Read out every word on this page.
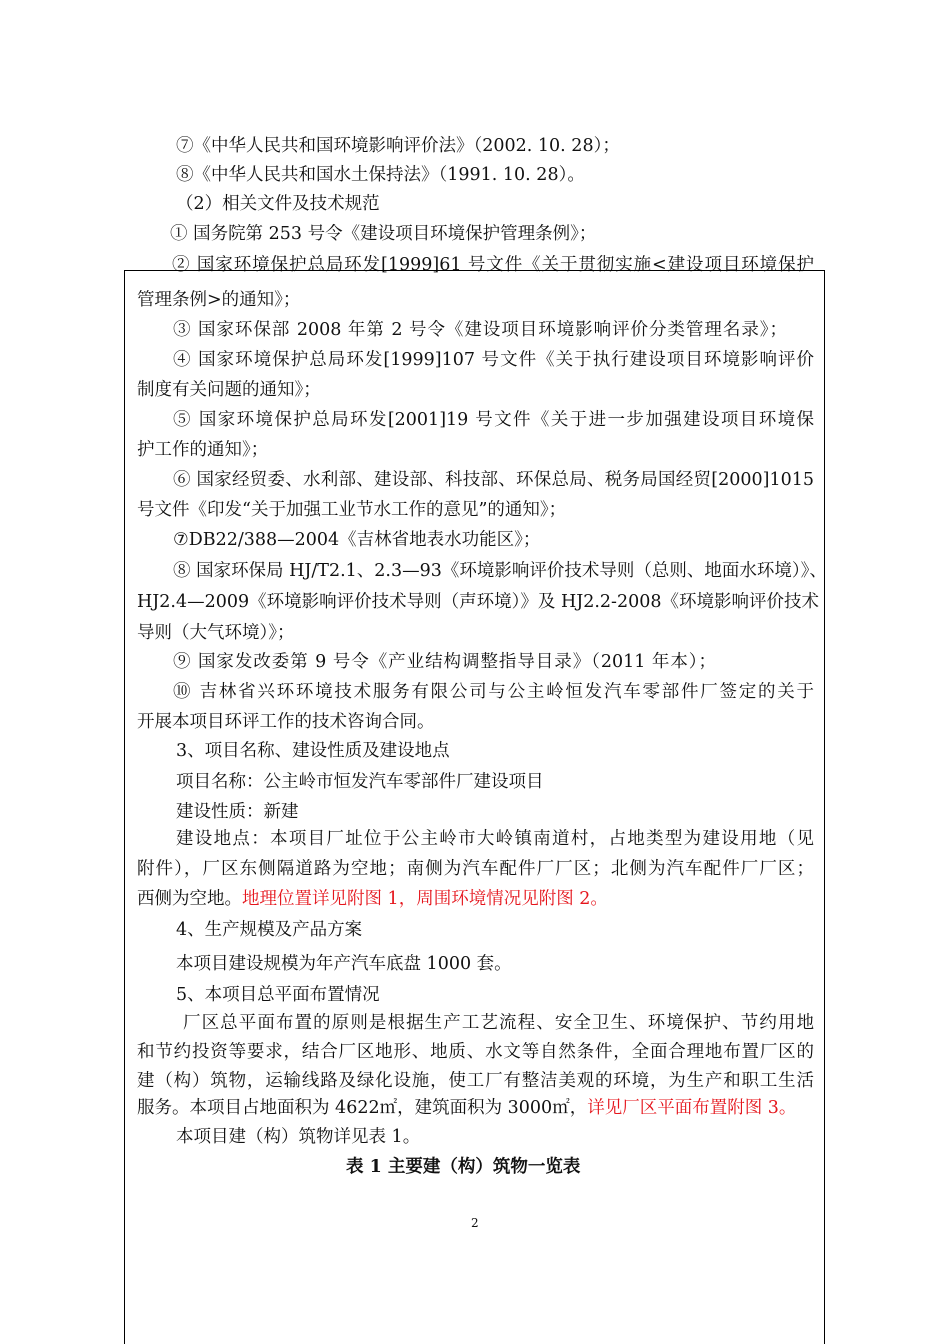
⑦《中华人民共和国环境影响评价法》（2002. 10. 28）；
⑧《中华人民共和国水土保持法》（1991. 10. 28）。
（2）相关文件及技术规范
① 国务院第 253 号令《建设项目环境保护管理条例》；
② 国家环境保护总局环发[1999]61 号文件《关于贯彻实施<建设项目环境保护
管理条例>的通知》；
③ 国家环保部 2008 年第 2 号令《建设项目环境影响评价分类管理名录》；
④ 国家环境保护总局环发[1999]107 号文件《关于执行建设项目环境影响评价
制度有关问题的通知》；
⑤ 国家环境保护总局环发[2001]19 号文件《关于进一步加强建设项目环境保
护工作的通知》；
⑥ 国家经贸委、水利部、建设部、科技部、环保总局、税务局国经贸[2000]1015
号文件《印发“关于加强工业节水工作的意见”的通知》；
⑦DB22/388—2004《吉林省地表水功能区》；
⑧ 国家环保局 HJ/T2.1、2.3—93《环境影响评价技术导则（总则、地面水环境）》、
HJ2.4—2009《环境影响评价技术导则（声环境）》及 HJ2.2-2008《环境影响评价技术
导则（大气环境）》；
⑨ 国家发改委第 9 号令《产业结构调整指导目录》（2011 年本）；
⑩ 吉林省兴环环境技术服务有限公司与公主岭恒发汽车零部件厂签定的关于
开展本项目环评工作的技术咨询合同。
3、项目名称、建设性质及建设地点
项目名称：公主岭市恒发汽车零部件厂建设项目
建设性质：新建
建设地点：本项目厂址位于公主岭市大岭镇南道村，占地类型为建设用地（见
附件），厂区东侧隔道路为空地；南侧为汽车配件厂厂区；北侧为汽车配件厂厂区；
西侧为空地。地理位置详见附图 1，周围环境情况见附图 2。
4、生产规模及产品方案
本项目建设规模为年产汽车底盘 1000 套。
5、本项目总平面布置情况
厂区总平面布置的原则是根据生产工艺流程、安全卫生、环境保护、节约用地
和节约投资等要求，结合厂区地形、地质、水文等自然条件，全面合理地布置厂区的
建（构）筑物，运输线路及绿化设施，使工厂有整洁美观的环境，为生产和职工生活
服务。本项目占地面积为 4622㎡，建筑面积为 3000㎡，详见厂区平面布置附图 3。
本项目建（构）筑物详见表 1。
表 1 主要建（构）筑物一览表
2
